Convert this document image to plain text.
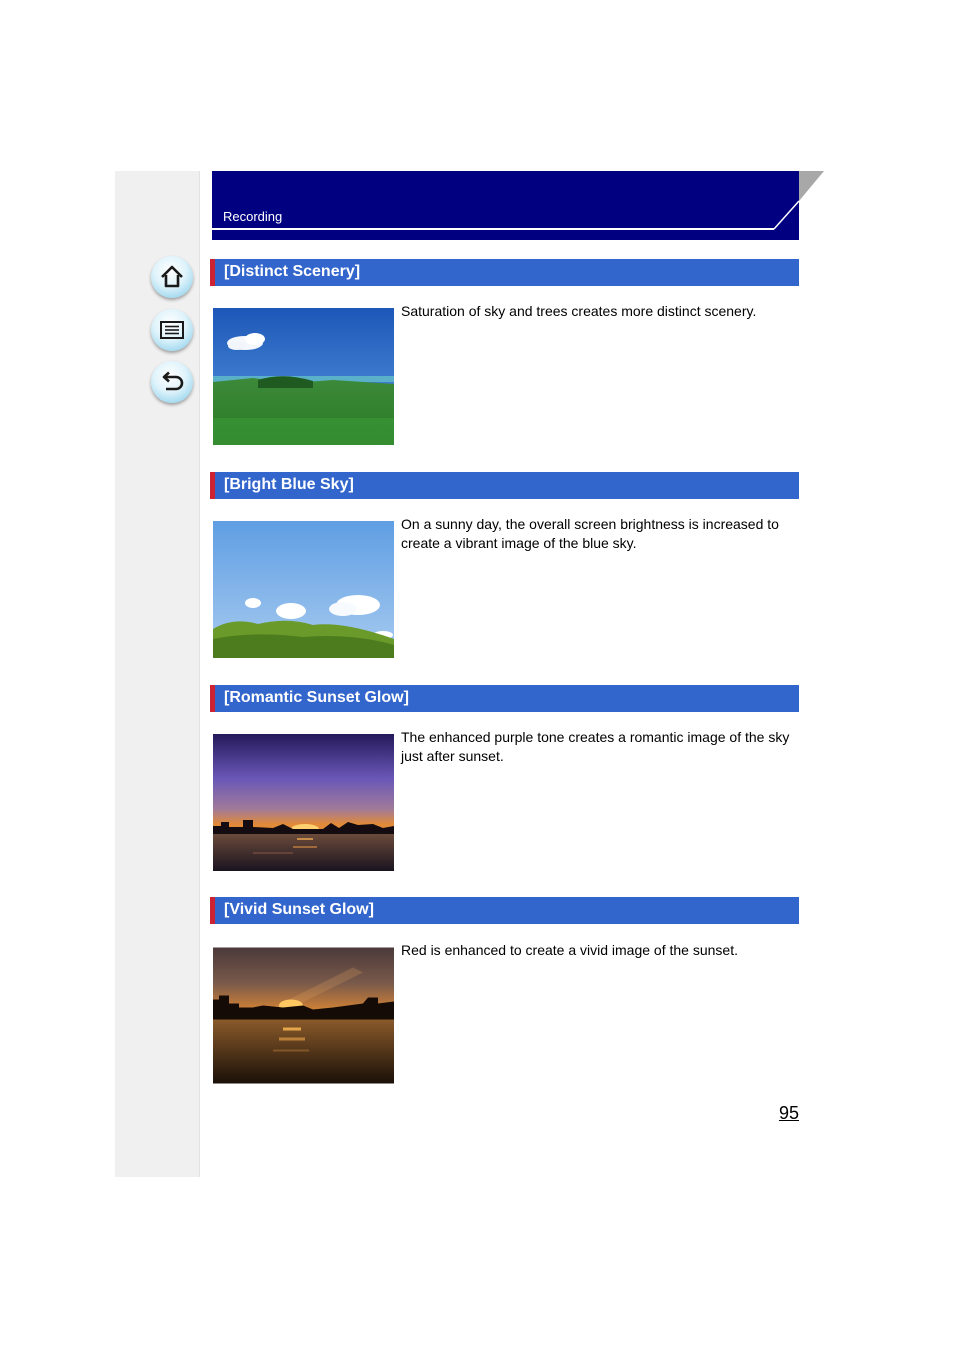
Recording
[Distinct Scenery]
Saturation of sky and trees creates more distinct scenery.
[Bright Blue Sky]
On a sunny day, the overall screen brightness is increased to create a vibrant image of the blue sky.
[Romantic Sunset Glow]
The enhanced purple tone creates a romantic image of the sky just after sunset.
[Vivid Sunset Glow]
Red is enhanced to create a vivid image of the sunset.
95
